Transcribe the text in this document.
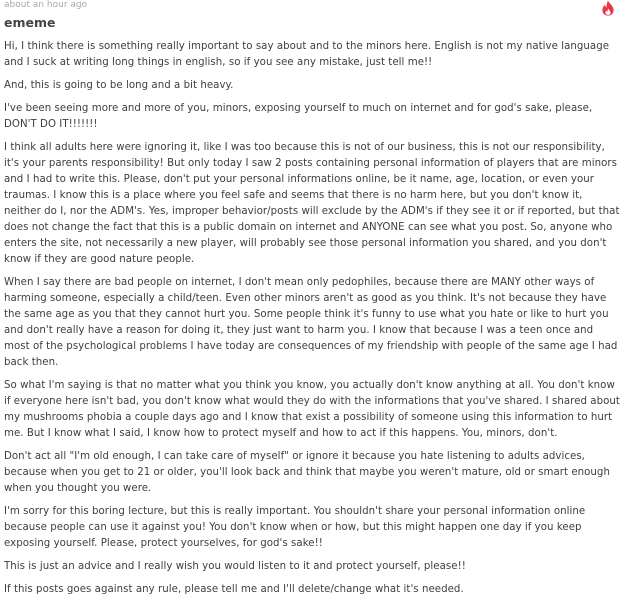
about an hour ago
ememe

Hi, I think there is something really important to say about and to the minors here. English is not my native language and I suck at writing long things in english, so if you see any mistake, just tell me!!

And, this is going to be long and a bit heavy.

I've been seeing more and more of you, minors, exposing yourself to much on internet and for god's sake, please, DON'T DO IT!!!!!!!

I think all adults here were ignoring it, like I was too because this is not of our business, this is not our responsibility, it's your parents responsibility! But only today I saw 2 posts containing personal information of players that are minors and I had to write this. Please, don't put your personal informations online, be it name, age, location, or even your traumas. I know this is a place where you feel safe and seems that there is no harm here, but you don't know it, neither do I, nor the ADM's. Yes, improper behavior/posts will exclude by the ADM's if they see it or if reported, but that does not change the fact that this is a public domain on internet and ANYONE can see what you post. So, anyone who enters the site, not necessarily a new player, will probably see those personal information you shared, and you don't know if they are good nature people.

When I say there are bad people on internet, I don't mean only pedophiles, because there are MANY other ways of harming someone, especially a child/teen. Even other minors aren't as good as you think. It's not because they have the same age as you that they cannot hurt you. Some people think it's funny to use what you hate or like to hurt you and don't really have a reason for doing it, they just want to harm you. I know that because I was a teen once and most of the psychological problems I have today are consequences of my friendship with people of the same age I had back then.

So what I'm saying is that no matter what you think you know, you actually don't know anything at all. You don't know if everyone here isn't bad, you don't know what would they do with the informations that you've shared. I shared about my mushrooms phobia a couple days ago and I know that exist a possibility of someone using this information to hurt me. But I know what I said, I know how to protect myself and how to act if this happens. You, minors, don't.

Don't act all "I'm old enough, I can take care of myself" or ignore it because you hate listening to adults advices, because when you get to 21 or older, you'll look back and think that maybe you weren't mature, old or smart enough when you thought you were.

I'm sorry for this boring lecture, but this is really important. You shouldn't share your personal information online because people can use it against you! You don't know when or how, but this might happen one day if you keep exposing yourself. Please, protect yourselves, for god's sake!!

This is just an advice and I really wish you would listen to it and protect yourself, please!!

If this posts goes against any rule, please tell me and I'll delete/change what it's needed.
